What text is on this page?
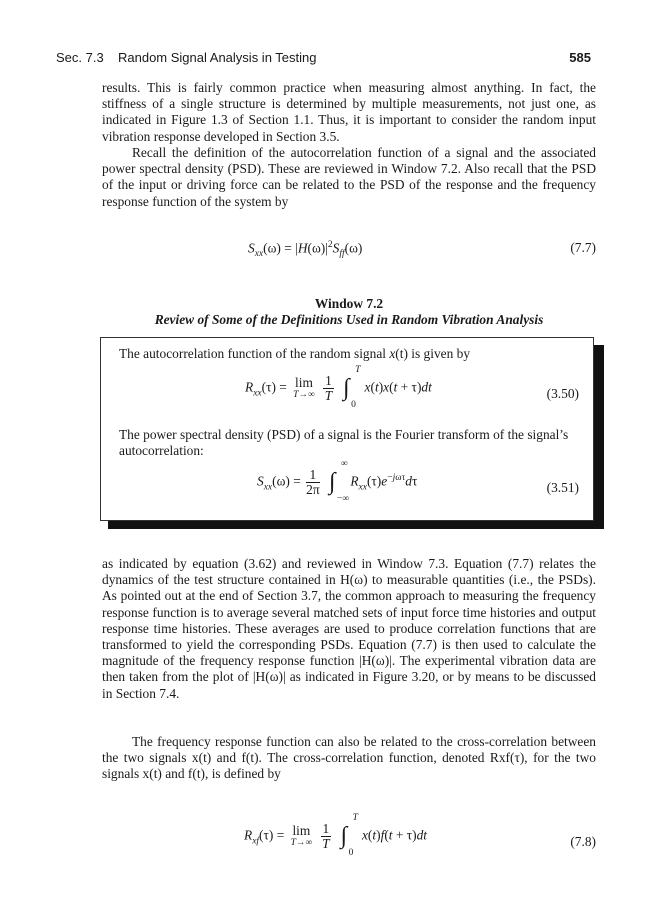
Sec. 7.3 Random Signal Analysis in Testing	585

results. This is fairly common practice when measuring almost anything. In fact, the stiffness of a single structure is determined by multiple measurements, not just one, as indicated in Figure 1.3 of Section 1.1. Thus, it is important to consider the random input vibration response developed in Section 3.5.

Recall the definition of the autocorrelation function of a signal and the associated power spectral density (PSD). These are reviewed in Window 7.2. Also recall that the PSD of the input or driving force can be related to the PSD of the response and the frequency response function of the system by

$S_{xx}(\omega) = |H(\omega)|^2S_{ff}(\omega)$	(7.7)
Window 7.2
Review of Some of the Definitions Used in Random Vibration Analysis

The autocorrelation function of the random signal x(t) is given by

$R_{xx}(\tau) = \lim$
T→∞
$\frac{1}{T}$ ∫
T
0
x(t)x(t + τ)dt	(3.50)

The power spectral density (PSD) of a signal is the Fourier transform of the signal’s autocorrelation:

$S_{xx}(\omega) = \frac{1}{2\pi}$ ∫
∞
−∞
$R_{xx}(\tau)e^{-j\omega\tau}d\tau$	(3.51)

as indicated by equation (3.62) and reviewed in Window 7.3. Equation (7.7) relates the dynamics of the test structure contained in H(ω) to measurable quantities (i.e., the PSDs). As pointed out at the end of Section 3.7, the common approach to measuring the frequency response function is to average several matched sets of input force time histories and output response time histories. These averages are used to produce correlation functions that are transformed to yield the corresponding PSDs. Equation (7.7) is then used to calculate the magnitude of the frequency response function |H(ω)|. The experimental vibration data are then taken from the plot of |H(ω)| as indicated in Figure 3.20, or by means to be discussed in Section 7.4.

The frequency response function can also be related to the cross-correlation between the two signals x(t) and f(t). The cross-correlation function, denoted Rxf(τ), for the two signals x(t) and f(t), is defined by

$R_{xf}(\tau) = \lim$
T→∞
$\frac{1}{T}$ ∫
T
0
x(t)f(t + τ)dt	(7.8)
